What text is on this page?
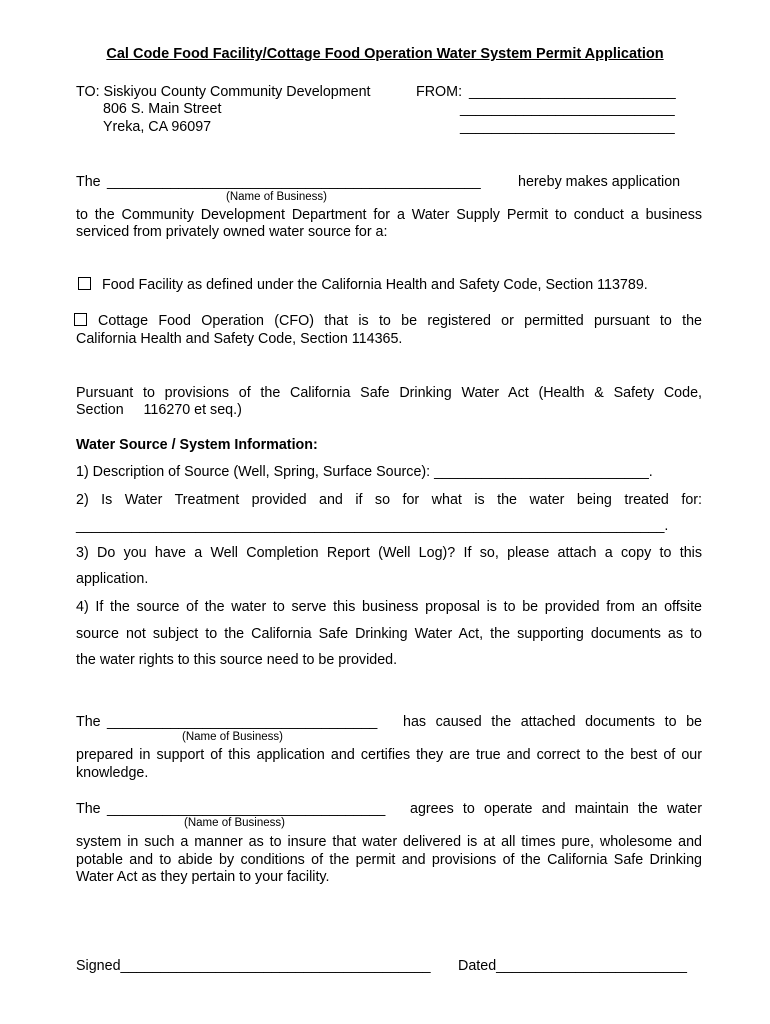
Cal Code Food Facility/Cottage Food Operation Water System Permit Application
TO: Siskiyou County Community Development
806 S. Main Street
Yreka, CA 96097
FROM: __________________________
___________________________
___________________________
The _______________________________________________	hereby makes application
(Name of Business)
to the Community Development Department for a Water Supply Permit to conduct a business
serviced from privately owned water source for a:
Food Facility as defined under the California Health and Safety Code, Section 113789.
Cottage Food Operation (CFO) that is to be registered or permitted pursuant to the
California Health and Safety Code, Section 114365.
Pursuant to provisions of the California Safe Drinking Water Act (Health & Safety Code,
Section     116270 et seq.)
Water Source / System Information:
1) Description of Source (Well, Spring, Surface Source): ___________________________.
2) Is Water Treatment provided and if so for what is the water being treated for:
__________________________________________________________________________.
3) Do you have a Well Completion Report (Well Log)? If so, please attach a copy to this
application.
4) If the source of the water to serve this business proposal is to be provided from an offsite
source not subject to the California Safe Drinking Water Act, the supporting documents as to
the water rights to this source need to be provided.
The __________________________________ has caused the attached documents to be
(Name of Business)
prepared in support of this application and certifies they are true and correct to the best of our
knowledge.
The ___________________________________ agrees to operate and maintain the water
(Name of Business)
system in such a manner as to insure that water delivered is at all times pure, wholesome and
potable and to abide by conditions of the permit and provisions of the California Safe Drinking
Water Act as they pertain to your facility.
Signed_______________________________________ Dated________________________
